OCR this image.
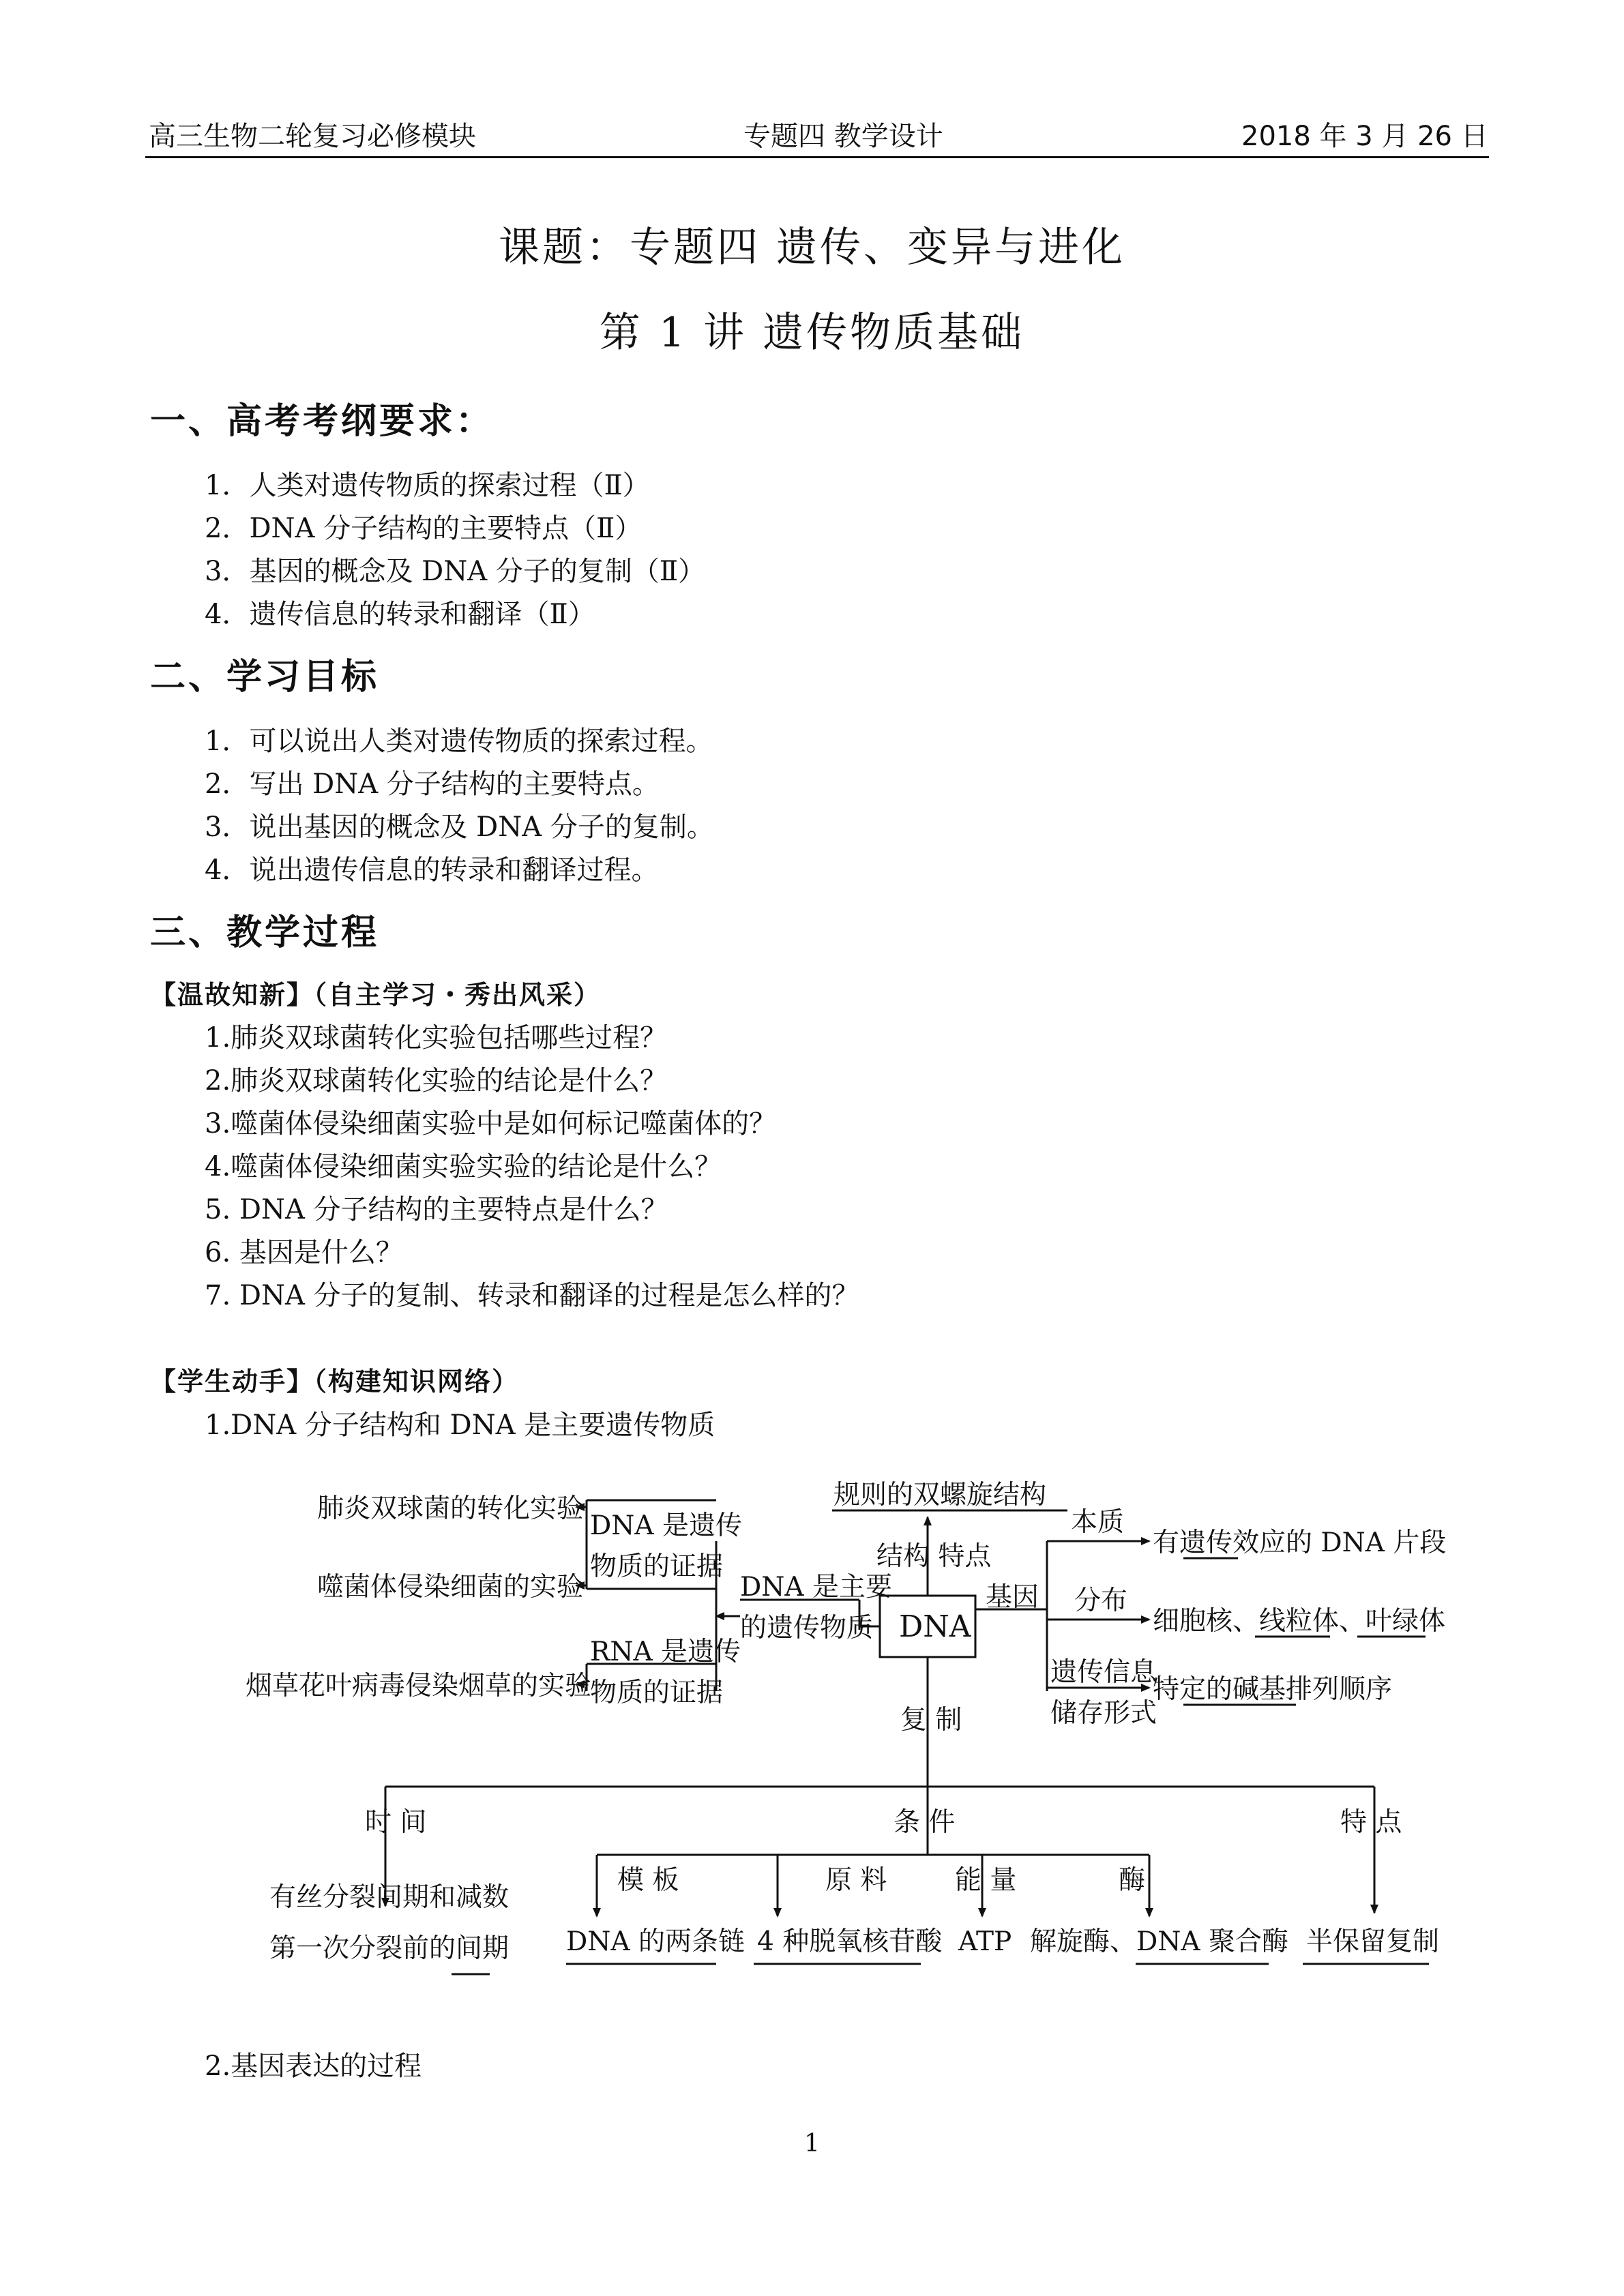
高三生物二轮复习必修模块	专题四 教学设计	2018 年 3 月 26 日
课题：专题四 遗传、变异与进化
第 1 讲 遗传物质基础
一、高考考纲要求：
1．人类对遗传物质的探索过程（Ⅱ）
2．DNA 分子结构的主要特点（Ⅱ）
3．基因的概念及 DNA 分子的复制（Ⅱ）
4．遗传信息的转录和翻译（Ⅱ）
二、学习目标
1．可以说出人类对遗传物质的探索过程。
2．写出 DNA 分子结构的主要特点。
3．说出基因的概念及 DNA 分子的复制。
4．说出遗传信息的转录和翻译过程。
三、教学过程
【温故知新】（自主学习・秀出风采）
1.肺炎双球菌转化实验包括哪些过程？
2.肺炎双球菌转化实验的结论是什么？
3.噬菌体侵染细菌实验中是如何标记噬菌体的？
4.噬菌体侵染细菌实验实验的结论是什么？
5. DNA 分子结构的主要特点是什么？
6. 基因是什么？
7. DNA 分子的复制、转录和翻译的过程是怎么样的？
【学生动手】（构建知识网络）
1.DNA 分子结构和 DNA 是主要遗传物质
肺炎双球菌的转化实验
噬菌体侵染细菌的实验
烟草花叶病毒侵染烟草的实验
DNA 是遗传
物质的证据
RNA 是遗传
物质的证据
DNA 是主要
的遗传物质 DNA
规则的双螺旋结构
结构 特点
基因
本质
有遗传效应的 DNA 片段
分布
细胞核、线粒体、叶绿体
遗传信息
储存形式
特定的碱基排列顺序
复 制
时 间	条 件	特 点
有丝分裂间期和减数
第一次分裂前的间期
模 板
DNA 的两条链
原 料
4 种脱氧核苷酸
能 量
ATP
酶
解旋酶、DNA 聚合酶 半保留复制
2.基因表达的过程
1
